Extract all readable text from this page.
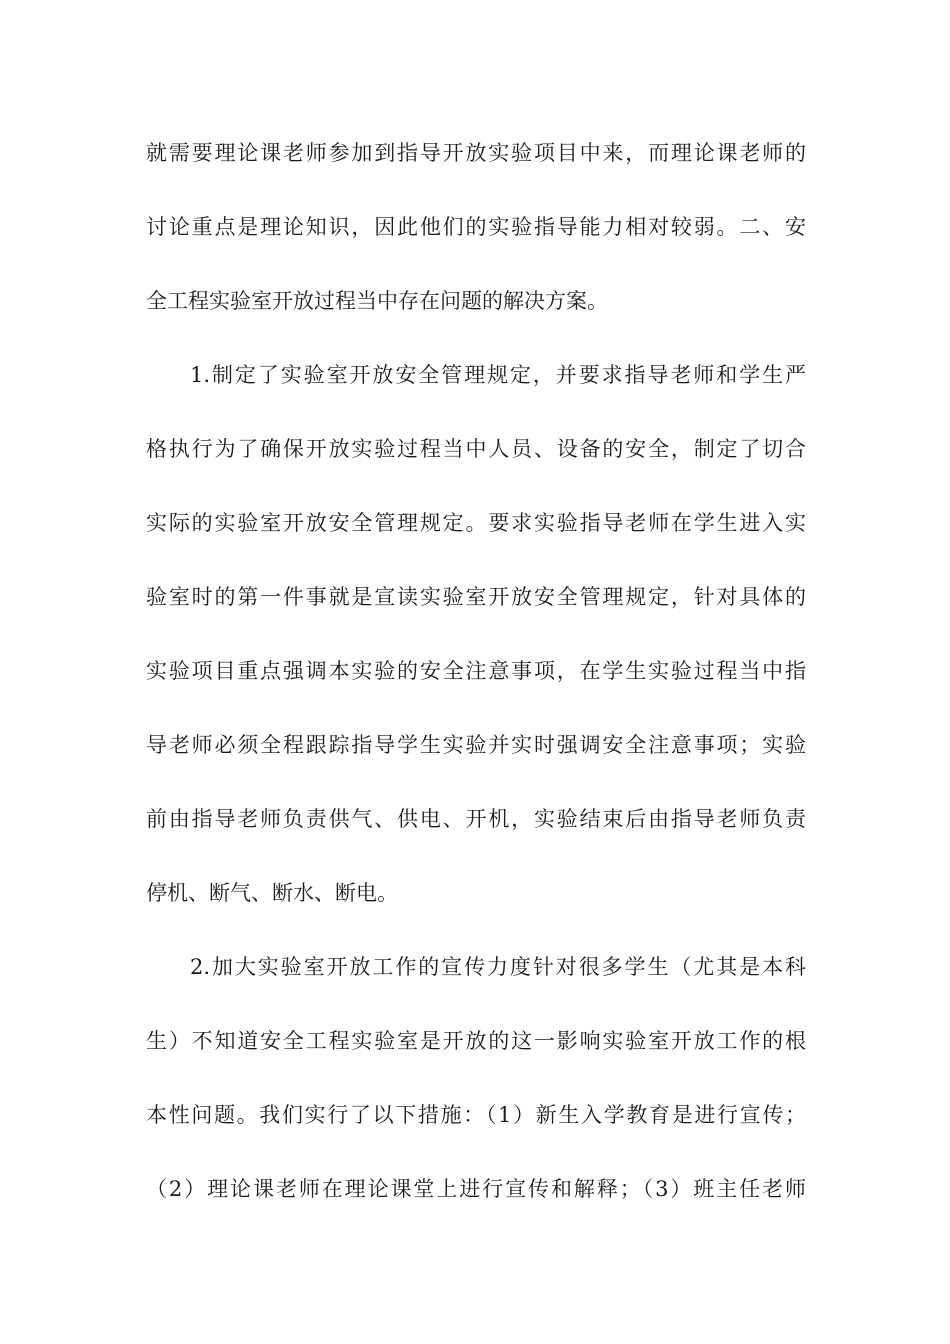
就需要理论课老师参加到指导开放实验项目中来，而理论课老师的
讨论重点是理论知识，因此他们的实验指导能力相对较弱。二、安
全工程实验室开放过程当中存在问题的解决方案。
1.制定了实验室开放安全管理规定，并要求指导老师和学生严
格执行为了确保开放实验过程当中人员、设备的安全，制定了切合
实际的实验室开放安全管理规定。要求实验指导老师在学生进入实
验室时的第一件事就是宣读实验室开放安全管理规定，针对具体的
实验项目重点强调本实验的安全注意事项，在学生实验过程当中指
导老师必须全程跟踪指导学生实验并实时强调安全注意事项；实验
前由指导老师负责供气、供电、开机，实验结束后由指导老师负责
停机、断气、断水、断电。
2.加大实验室开放工作的宣传力度针对很多学生（尤其是本科
生）不知道安全工程实验室是开放的这一影响实验室开放工作的根
本性问题。我们实行了以下措施：（1）新生入学教育是进行宣传；
（2）理论课老师在理论课堂上进行宣传和解释；（3）班主任老师
